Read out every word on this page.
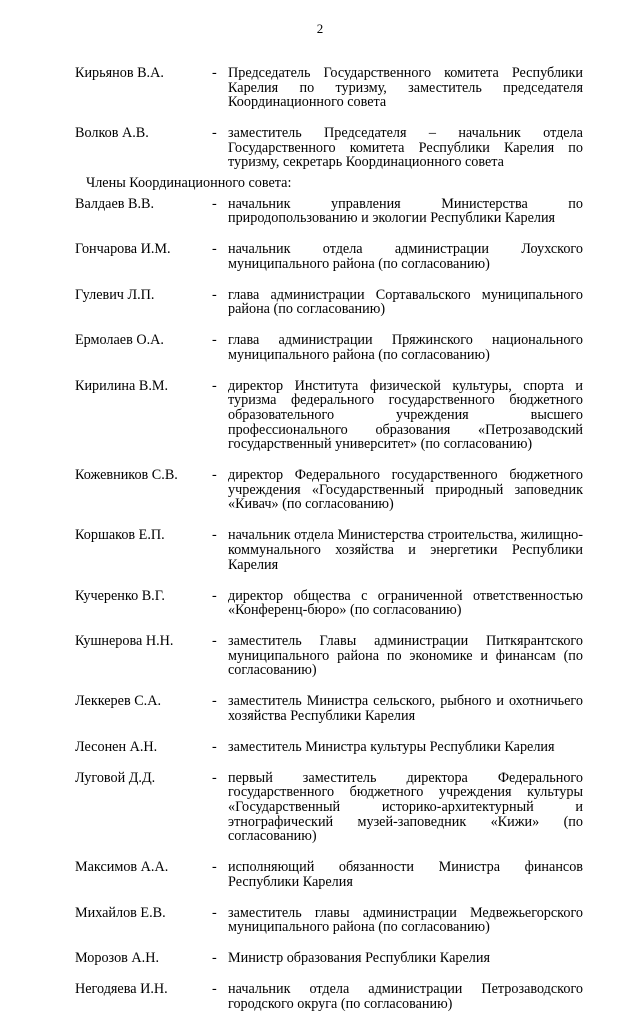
2
Кирьянов В.А.	- Председатель Государственного комитета Республики Карелия по туризму, заместитель председателя Координационного совета
Волков А.В.	- заместитель Председателя – начальник отдела Государственного комитета Республики Карелия по туризму, секретарь Координационного совета
Члены Координационного совета:
Валдаев В.В.	- начальник управления Министерства по природопользованию и экологии Республики Карелия
Гончарова И.М.	- начальник отдела администрации Лоухского муниципального района (по согласованию)
Гулевич Л.П.	- глава администрации Сортавальского муниципального района (по согласованию)
Ермолаев О.А.	- глава администрации Пряжинского национального муниципального района (по согласованию)
Кирилина В.М.	- директор Института физической культуры, спорта и туризма федерального государственного бюджетного образовательного учреждения высшего профессионального образования «Петрозаводский государственный университет» (по согласованию)
Кожевников С.В.	- директор Федерального государственного бюджетного учреждения «Государственный природный заповедник «Кивач» (по согласованию)
Коршаков Е.П.	- начальник отдела Министерства строительства, жилищно-коммунального хозяйства и энергетики Республики Карелия
Кучеренко В.Г.	- директор общества с ограниченной ответственностью «Конференц-бюро» (по согласованию)
Кушнерова Н.Н.	- заместитель Главы администрации Питкярантского муниципального района по экономике и финансам (по согласованию)
Леккерев С.А.	- заместитель Министра сельского, рыбного и охотничьего хозяйства Республики Карелия
Лесонен А.Н.	- заместитель Министра культуры Республики Карелия
Луговой Д.Д.	- первый заместитель директора Федерального государственного бюджетного учреждения культуры «Государственный историко-архитектурный и этнографический музей-заповедник «Кижи» (по согласованию)
Максимов А.А.	- исполняющий обязанности Министра финансов Республики Карелия
Михайлов Е.В.	- заместитель главы администрации Медвежьегорского муниципального района (по согласованию)
Морозов А.Н.	- Министр образования Республики Карелия
Негодяева И.Н.	- начальник отдела администрации Петрозаводского городского округа (по согласованию)
